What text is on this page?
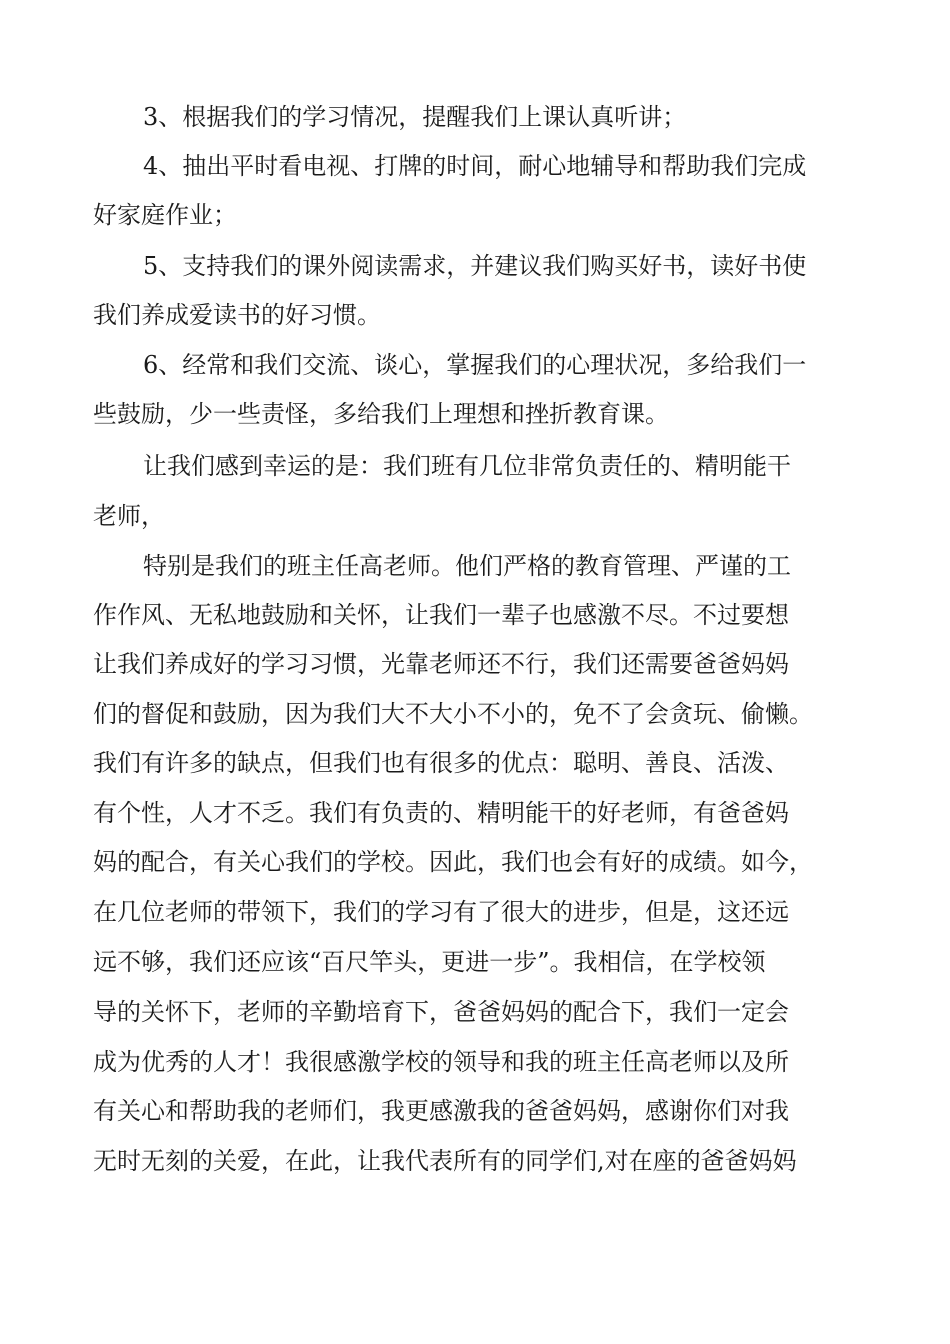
3、根据我们的学习情况，提醒我们上课认真听讲；
4、抽出平时看电视、打牌的时间，耐心地辅导和帮助我们完成
好家庭作业；
5、支持我们的课外阅读需求，并建议我们购买好书，读好书使
我们养成爱读书的好习惯。
6、经常和我们交流、谈心，掌握我们的心理状况，多给我们一
些鼓励，少一些责怪，多给我们上理想和挫折教育课。
让我们感到幸运的是：我们班有几位非常负责任的、精明能干
老师，
特别是我们的班主任高老师。他们严格的教育管理、严谨的工
作作风、无私地鼓励和关怀，让我们一辈子也感激不尽。不过要想
让我们养成好的学习习惯，光靠老师还不行，我们还需要爸爸妈妈
们的督促和鼓励，因为我们大不大小不小的，免不了会贪玩、偷懒。
我们有许多的缺点，但我们也有很多的优点：聪明、善良、活泼、
有个性，人才不乏。我们有负责的、精明能干的好老师，有爸爸妈
妈的配合，有关心我们的学校。因此，我们也会有好的成绩。如今，
在几位老师的带领下，我们的学习有了很大的进步，但是，这还远
远不够，我们还应该“百尺竿头，更进一步”。我相信，在学校领
导的关怀下，老师的辛勤培育下，爸爸妈妈的配合下，我们一定会
成为优秀的人才！我很感激学校的领导和我的班主任高老师以及所
有关心和帮助我的老师们，我更感激我的爸爸妈妈，感谢你们对我
无时无刻的关爱，在此，让我代表所有的同学们,对在座的爸爸妈妈
